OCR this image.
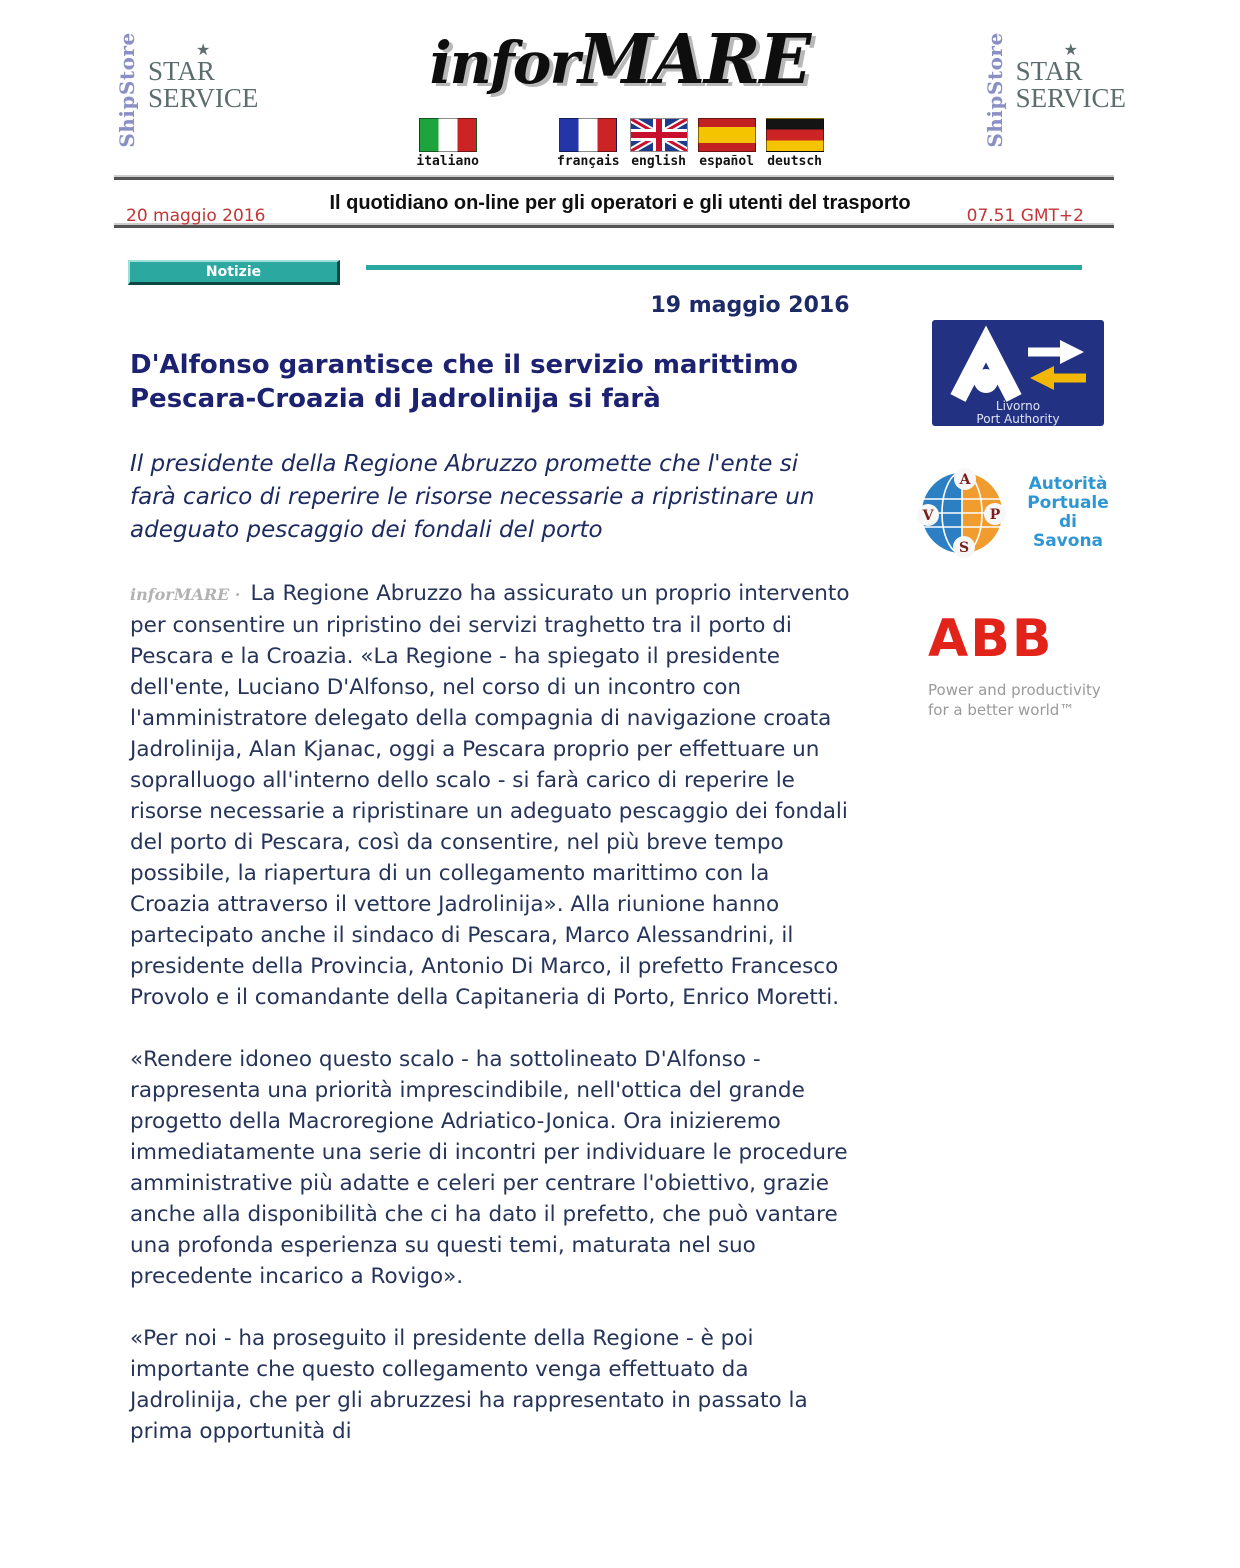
ShipStore	★
STAR
SERVICE
inforMARE
italiano	français english español deutsch
ShipStore	★
STAR
SERVICE
20 maggio 2016
Il quotidiano on-line per gli operatori e gli utenti del trasporto
07.51 GMT+2
Notizie
19 maggio 2016
D'Alfonso garantisce che il servizio marittimo Pescara-Croazia di Jadrolinija si farà
Il presidente della Regione Abruzzo promette che l'ente si farà carico di reperire le risorse necessarie a ripristinare un adeguato pescaggio dei fondali del porto

inforMARE · La Regione Abruzzo ha assicurato un proprio intervento per consentire un ripristino dei servizi traghetto tra il porto di Pescara e la Croazia. «La Regione - ha spiegato il presidente dell'ente, Luciano D'Alfonso, nel corso di un incontro con l'amministratore delegato della compagnia di navigazione croata Jadrolinija, Alan Kjanac, oggi a Pescara proprio per effettuare un sopralluogo all'interno dello scalo - si farà carico di reperire le risorse necessarie a ripristinare un adeguato pescaggio dei fondali del porto di Pescara, così da consentire, nel più breve tempo possibile, la riapertura di un collegamento marittimo con la Croazia attraverso il vettore Jadrolinija». Alla riunione hanno partecipato anche il sindaco di Pescara, Marco Alessandrini, il presidente della Provincia, Antonio Di Marco, il prefetto Francesco Provolo e il comandante della Capitaneria di Porto, Enrico Moretti.

«Rendere idoneo questo scalo - ha sottolineato D'Alfonso - rappresenta una priorità imprescindibile, nell'ottica del grande progetto della Macroregione Adriatico-Jonica. Ora inizieremo immediatamente una serie di incontri per individuare le procedure amministrative più adatte e celeri per centrare l'obiettivo, grazie anche alla disponibilità che ci ha dato il prefetto, che può vantare una profonda esperienza su questi temi, maturata nel suo precedente incarico a Rovigo».

«Per noi - ha proseguito il presidente della Regione - è poi importante che questo collegamento venga effettuato da Jadrolinija, che per gli abruzzesi ha rappresentato in passato la prima opportunità di

Livorno
Port Authority
A
V	P
S
Autorità
Portuale
di
Savona
ABB
Power and productivity
for a better world™
